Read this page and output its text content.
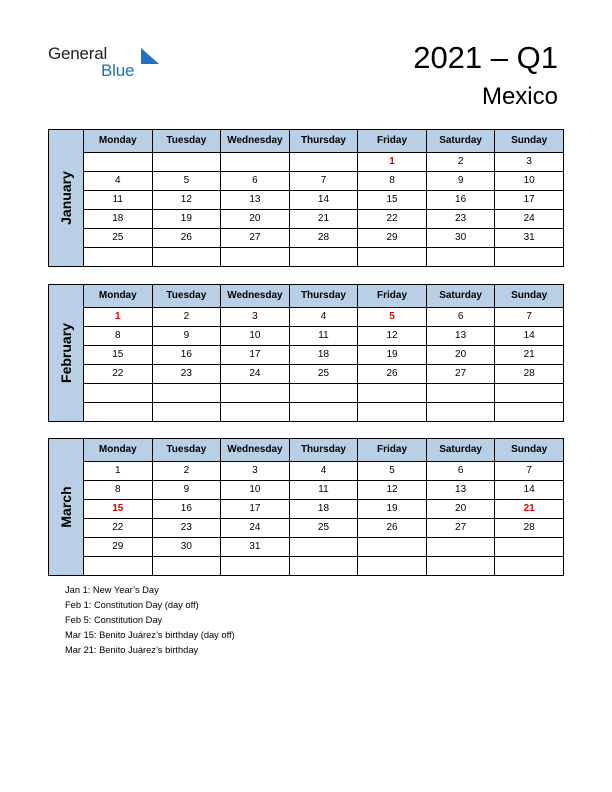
General
Blue	2021 – Q1
Mexico
January	Monday	Tuesday	Wednesday	Thursday	Friday	Saturday	Sunday
					1	2	3
	4	5	6	7	8	9	10
	11	12	13	14	15	16	17
	18	19	20	21	22	23	24
	25	26	27	28	29	30	31

February	Monday	Tuesday	Wednesday	Thursday	Friday	Saturday	Sunday
	1	2	3	4	5	6	7
	8	9	10	11	12	13	14
	15	16	17	18	19	20	21
	22	23	24	25	26	27	28

March	Monday	Tuesday	Wednesday	Thursday	Friday	Saturday	Sunday
	1	2	3	4	5	6	7
	8	9	10	11	12	13	14
	15	16	17	18	19	20	21
	22	23	24	25	26	27	28
	29	30	31				

Jan 1: New Year’s Day
Feb 1: Constitution Day (day off)
Feb 5: Constitution Day
Mar 15: Benito Juárez’s birthday (day off)
Mar 21: Benito Juárez’s birthday
